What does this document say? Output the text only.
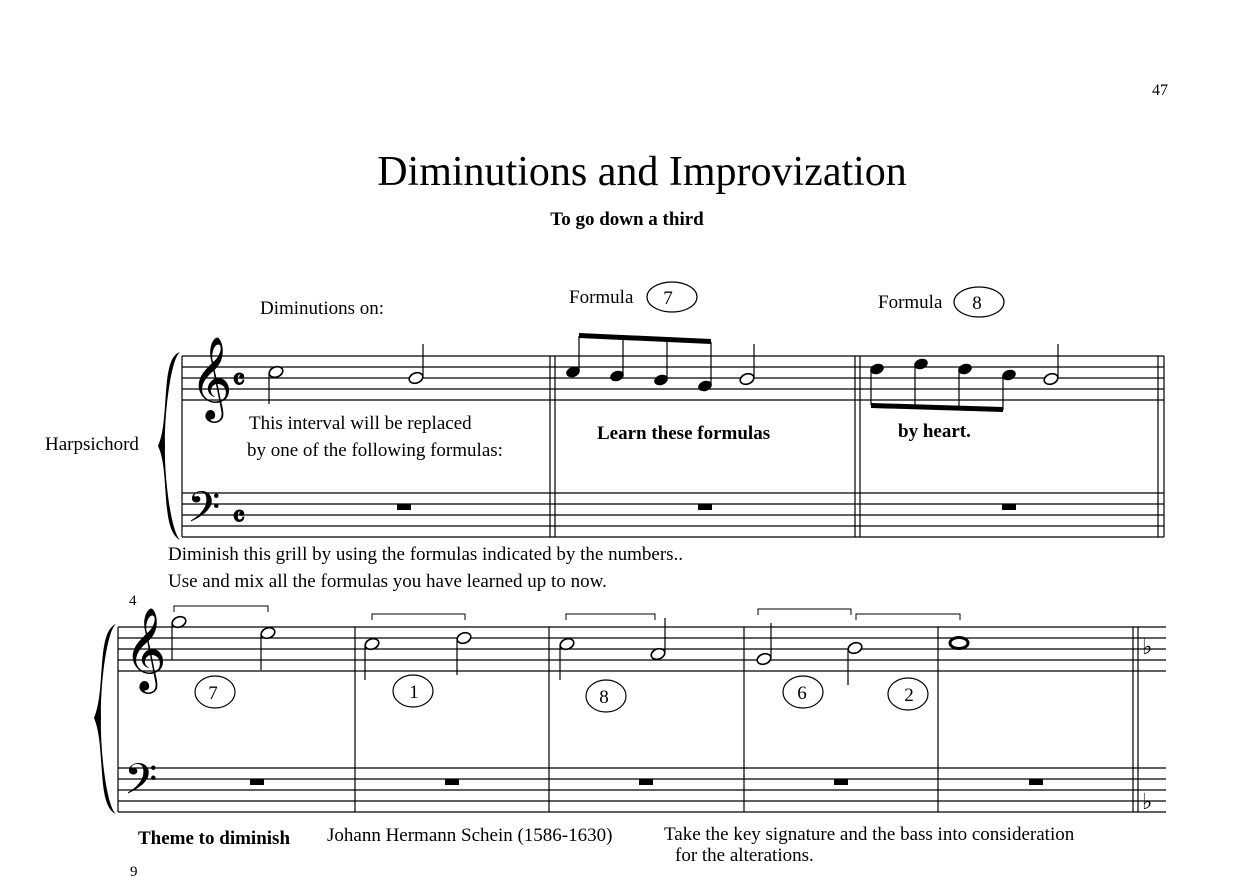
47
Diminutions and Improvization
To go down a third
Diminutions on:
Formula	Formula
Harpsichord
This interval will be replaced
by one of the following formulas:
Learn these formulas	by heart.
Diminish this grill by using the formulas indicated by the numbers..
Use and mix all the formulas you have learned up to now.
4
Theme to diminish Johann Hermann Schein (1586-1630)	Take the key signature and the bass into consideration
for the alterations.
9
𝄞
𝄢
𝄴
𝄴
𝄞
𝄢
♭
♭
7	8
7	1	8	6	2
